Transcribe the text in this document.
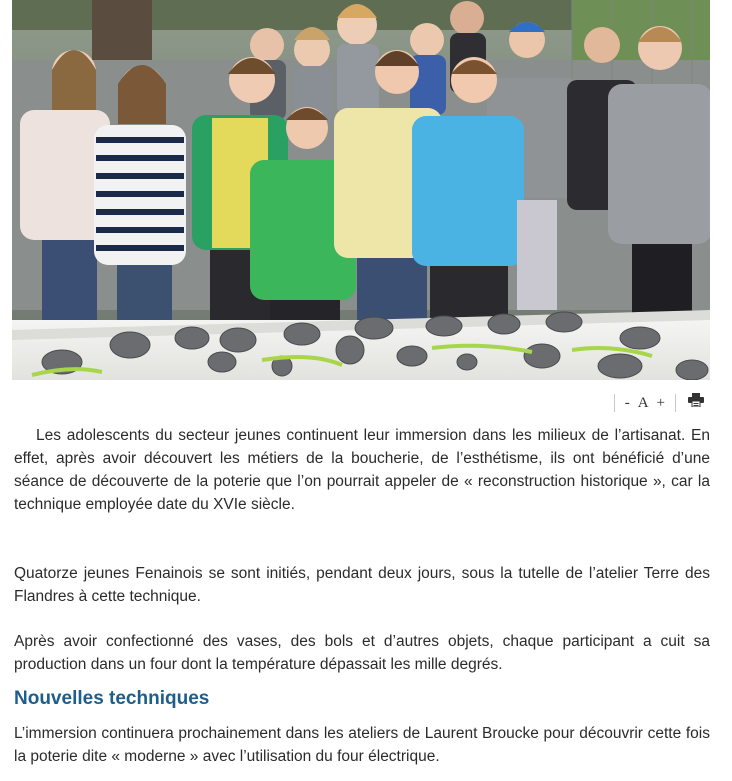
- A +

Les adolescents du secteur jeunes continuent leur immersion dans les milieux de l’artisanat. En effet, après avoir découvert les métiers de la boucherie, de l’esthétisme, ils ont bénéficié d’une séance de découverte de la poterie que l’on pourrait appeler de « reconstruction historique », car la technique employée date du XVIe siècle.

Quatorze jeunes Fenainois se sont initiés, pendant deux jours, sous la tutelle de l’atelier Terre des Flandres à cette technique.

Après avoir confectionné des vases, des bols et d’autres objets, chaque participant a cuit sa production dans un four dont la température dépassait les mille degrés.

Nouvelles techniques

L’immersion continuera prochainement dans les ateliers de Laurent Broucke pour découvrir cette fois la poterie dite « moderne » avec l’utilisation du four électrique.
